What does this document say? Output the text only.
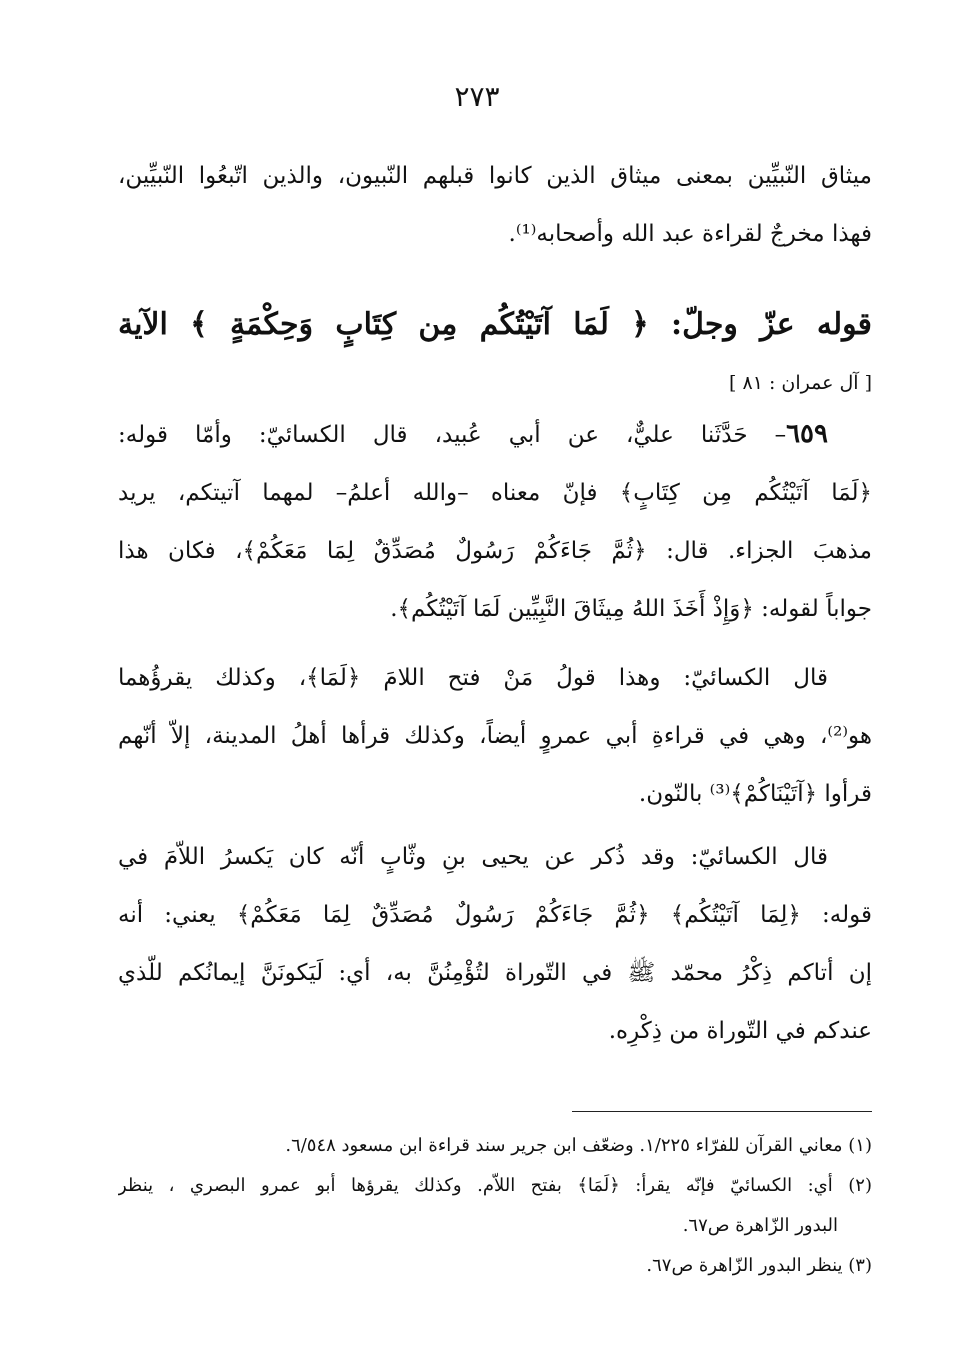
٢٧٣
ميثاق النّبيِّين بمعنى ميثاق الذين كانوا قبلهم النّبيون، والذين اتّبعُوا النّبيِّين،
فهذا مخرجٌ لقراءة عبد الله وأصحابه⁽¹⁾.
قوله عزّ وجلّ: ﴿ لَمَا آتَيْتُكُم مِن كِتَابٍ وَحِكْمَةٍ ﴾ الآية
[ آل عمران : ٨١ ]
٦٥٩– حَدَّثَنا عليٌّ، عن أبي عُبيد، قال الكسائيّ: وأمّا قوله:
﴿لَمَا آتَيْتُكُم مِن كِتَابٍ﴾ فإنّ معناه –والله أعلمُ– لمهما آتيتكم، يريد
مذهبَ الجزاء. قال: ﴿ثُمَّ جَاءَكُمْ رَسُولٌ مُصَدِّقٌ لِمَا مَعَكُمْ﴾، فكان هذا
جواباً لقوله: ﴿وَإِذْ أَخَذَ اللهُ مِيثَاقَ النَّبِيِّين لَمَا آتَيْتُكُم﴾.
قال الكسائيّ: وهذا قولُ مَنْ فتح اللامَ ﴿لَمَا﴾، وكذلك يقرؤُهما
هو⁽²⁾، وهي في قراءةِ أبي عمروٍ أيضاً، وكذلك قرأها أهلُ المدينة، إلاّ أنّهم
قرأوا ﴿آتَيْنَاكُمْ﴾⁽³⁾ بالنّون.
قال الكسائيّ: وقد ذُكر عن يحيى بنِ وثّابٍ أنّه كان يَكسرُ اللاّمَ في
قوله: ﴿لِمَا آتَيْتُكُم﴾ ﴿ثُمَّ جَاءَكُمْ رَسُولٌ مُصَدِّقٌ لِمَا مَعَكُمْ﴾ يعني: أنه
إن أتاكم ذِكْرُ محمّد ﷺ في التّوراة لتُؤْمِنُنَّ به، أي: لَيَكونَنَّ إيمانُكم للّذي
عندكم في التّوراة من ذِكْرِه.
(١) معاني القرآن للفرّاء ١/٢٢٥. وضعّف ابن جرير سند قراءة ابن مسعود ٦/٥٤٨.
(٢) أي: الكسائيّ فإنّه يقرأ: ﴿لَمَا﴾ بفتح اللاّم. وكذلك يقرؤها أبو عمرو البصري ، ينظر
البدور الزّاهرة ص٦٧.
(٣) ينظر البدور الزّاهرة ص٦٧.
